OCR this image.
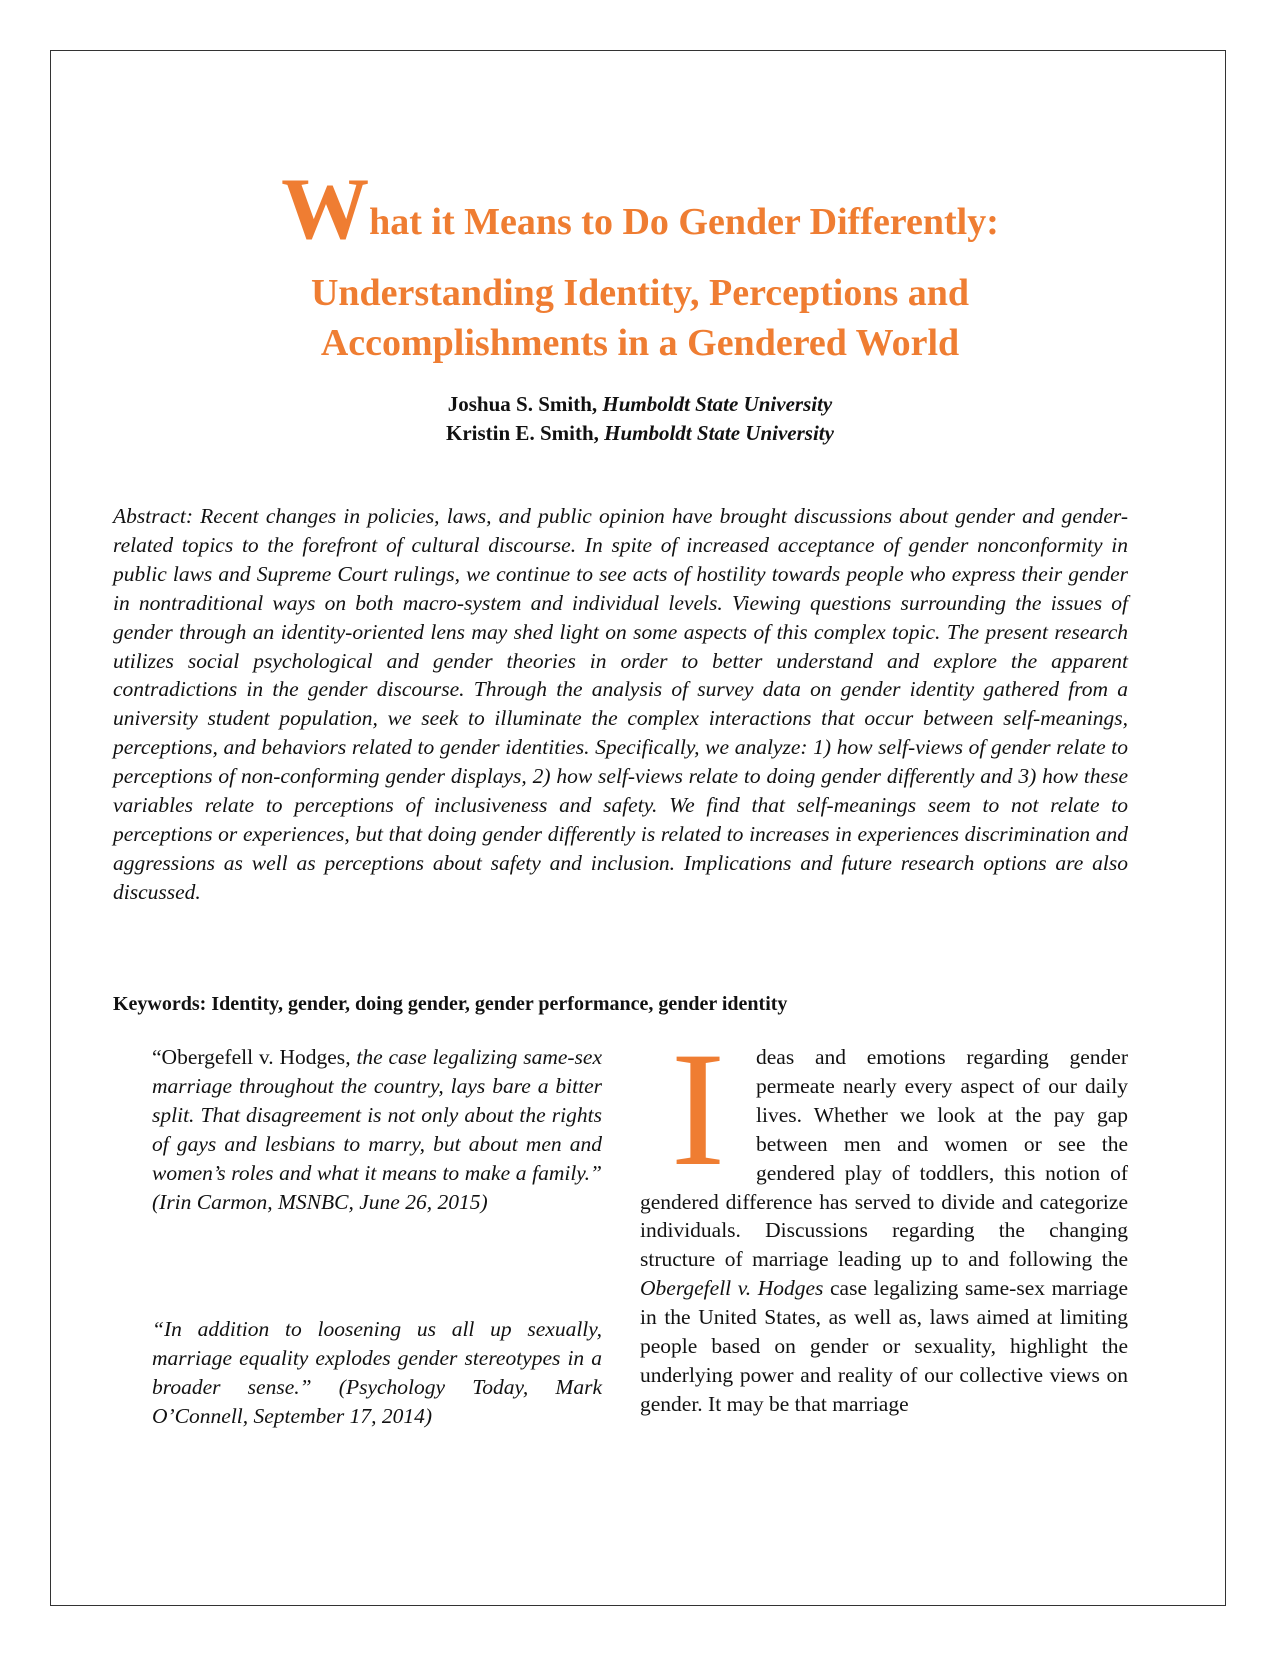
What it Means to Do Gender Differently:
Understanding Identity, Perceptions and
Accomplishments in a Gendered World
Joshua S. Smith, Humboldt State University
Kristin E. Smith, Humboldt State University

Abstract: Recent changes in policies, laws, and public opinion have brought discussions about gender and gender-related topics to the forefront of cultural discourse. In spite of increased acceptance of gender nonconformity in public laws and Supreme Court rulings, we continue to see acts of hostility towards people who express their gender in nontraditional ways on both macro-system and individual levels. Viewing questions surrounding the issues of gender through an identity-oriented lens may shed light on some aspects of this complex topic. The present research utilizes social psychological and gender theories in order to better understand and explore the apparent contradictions in the gender discourse. Through the analysis of survey data on gender identity gathered from a university student population, we seek to illuminate the complex interactions that occur between self-meanings, perceptions, and behaviors related to gender identities. Specifically, we analyze: 1) how self-views of gender relate to perceptions of non-conforming gender displays, 2) how self-views relate to doing gender differently and 3) how these variables relate to perceptions of inclusiveness and safety. We find that self-meanings seem to not relate to perceptions or experiences, but that doing gender differently is related to increases in experiences discrimination and aggressions as well as perceptions about safety and inclusion. Implications and future research options are also discussed.

Keywords: Identity, gender, doing gender, gender performance, gender identity

“Obergefell v. Hodges, the case legalizing same-sex marriage throughout the country, lays bare a bitter split. That disagreement is not only about the rights of gays and lesbians to marry, but about men and women’s roles and what it means to make a family.” (Irin Carmon, MSNBC, June 26, 2015)

“In addition to loosening us all up sexually, marriage equality explodes gender stereotypes in a broader sense.” (Psychology Today, Mark O’Connell, September 17, 2014)

I	deas and emotions regarding gender permeate nearly every aspect of our daily lives. Whether we look at the pay gap between men and women or see the gendered play of toddlers, this notion of gendered difference has served to divide and categorize individuals. Discussions regarding the changing structure of marriage leading up to and following the Obergefell v. Hodges case legalizing same-sex marriage in the United States, as well as, laws aimed at limiting people based on gender or sexuality, highlight the underlying power and reality of our collective views on gender. It may be that marriage
